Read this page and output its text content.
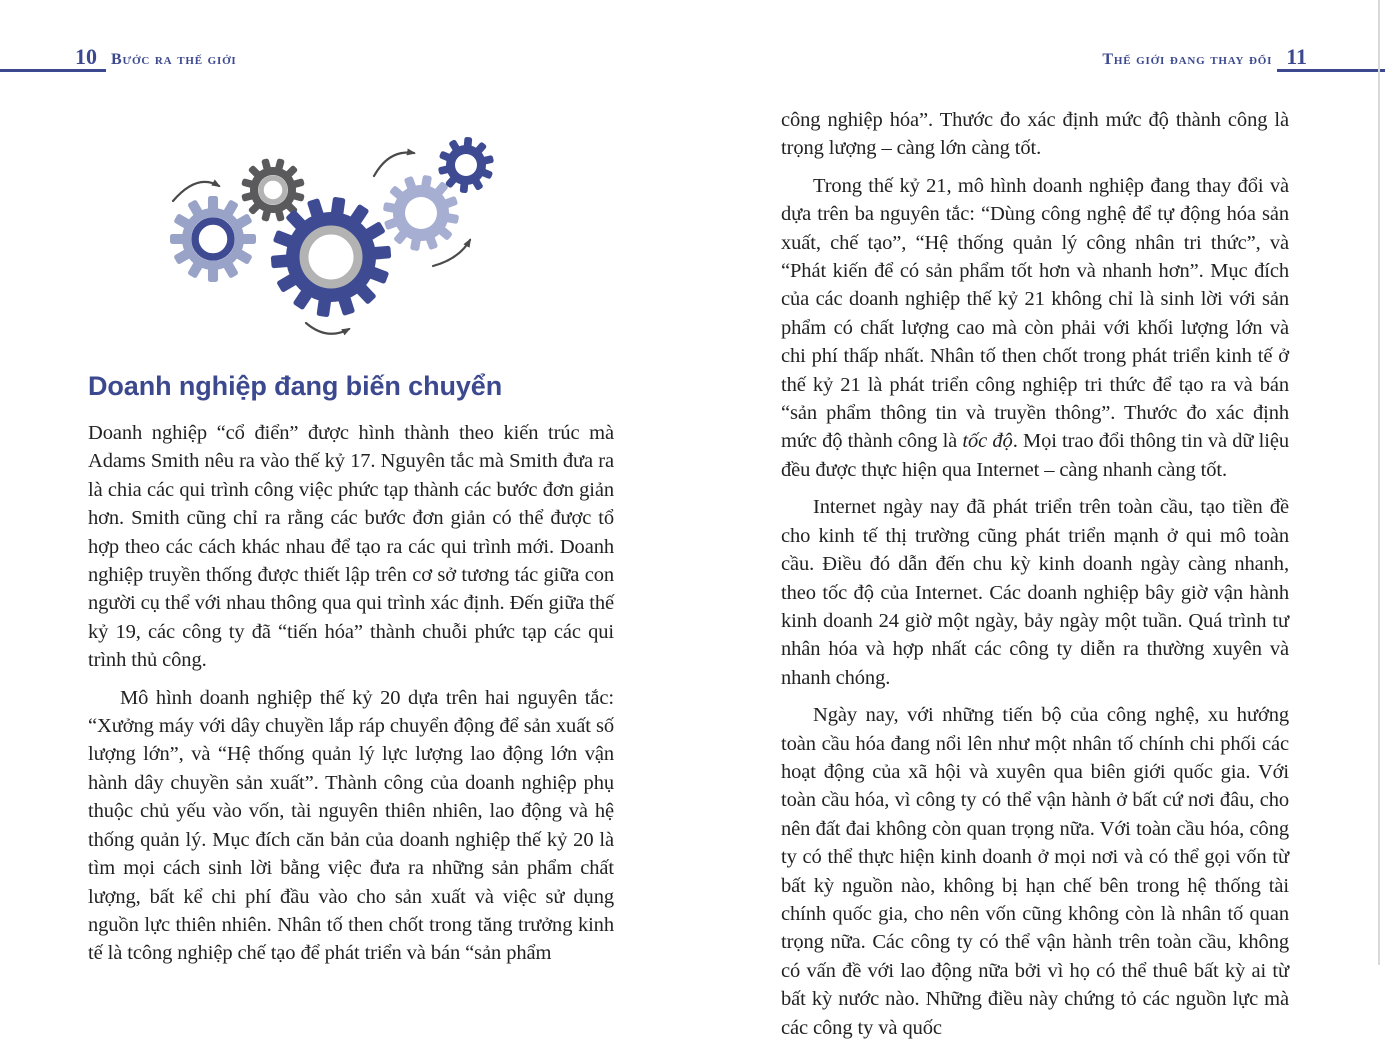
10 Bước ra thế giới	Thế giới đang thay đổi 11
Doanh nghiệp đang biến chuyển

Doanh nghiệp “cổ điển” được hình thành theo kiến trúc mà Adams Smith nêu ra vào thế kỷ 17. Nguyên tắc mà Smith đưa ra là chia các qui trình công việc phức tạp thành các bước đơn giản hơn. Smith cũng chỉ ra rằng các bước đơn giản có thể được tổ hợp theo các cách khác nhau để tạo ra các qui trình mới. Doanh nghiệp truyền thống được thiết lập trên cơ sở tương tác giữa con người cụ thể với nhau thông qua qui trình xác định. Đến giữa thế kỷ 19, các công ty đã “tiến hóa” thành chuỗi phức tạp các qui trình thủ công.

Mô hình doanh nghiệp thế kỷ 20 dựa trên hai nguyên tắc: “Xưởng máy với dây chuyền lắp ráp chuyển động để sản xuất số lượng lớn”, và “Hệ thống quản lý lực lượng lao động lớn vận hành dây chuyền sản xuất”. Thành công của doanh nghiệp phụ thuộc chủ yếu vào vốn, tài nguyên thiên nhiên, lao động và hệ thống quản lý. Mục đích căn bản của doanh nghiệp thế kỷ 20 là tìm mọi cách sinh lời bằng việc đưa ra những sản phẩm chất lượng, bất kể chi phí đầu vào cho sản xuất và việc sử dụng nguồn lực thiên nhiên. Nhân tố then chốt trong tăng trưởng kinh tế là tcông nghiệp chế tạo để phát triển và bán “sản phẩm

công nghiệp hóa”. Thước đo xác định mức độ thành công là trọng lượng – càng lớn càng tốt.

Trong thế kỷ 21, mô hình doanh nghiệp đang thay đổi và dựa trên ba nguyên tắc: “Dùng công nghệ để tự động hóa sản xuất, chế tạo”, “Hệ thống quản lý công nhân tri thức”, và “Phát kiến để có sản phẩm tốt hơn và nhanh hơn”. Mục đích của các doanh nghiệp thế kỷ 21 không chỉ là sinh lời với sản phẩm có chất lượng cao mà còn phải với khối lượng lớn và chi phí thấp nhất. Nhân tố then chốt trong phát triển kinh tế ở thế kỷ 21 là phát triển công nghiệp tri thức để tạo ra và bán “sản phẩm thông tin và truyền thông”. Thước đo xác định mức độ thành công là tốc độ. Mọi trao đổi thông tin và dữ liệu đều được thực hiện qua Internet – càng nhanh càng tốt.

Internet ngày nay đã phát triển trên toàn cầu, tạo tiền đề cho kinh tế thị trường cũng phát triển mạnh ở qui mô toàn cầu. Điều đó dẫn đến chu kỳ kinh doanh ngày càng nhanh, theo tốc độ của Internet. Các doanh nghiệp bây giờ vận hành kinh doanh 24 giờ một ngày, bảy ngày một tuần. Quá trình tư nhân hóa và hợp nhất các công ty diễn ra thường xuyên và nhanh chóng.

Ngày nay, với những tiến bộ của công nghệ, xu hướng toàn cầu hóa đang nổi lên như một nhân tố chính chi phối các hoạt động của xã hội và xuyên qua biên giới quốc gia. Với toàn cầu hóa, vì công ty có thể vận hành ở bất cứ nơi đâu, cho nên đất đai không còn quan trọng nữa. Với toàn cầu hóa, công ty có thể thực hiện kinh doanh ở mọi nơi và có thể gọi vốn từ bất kỳ nguồn nào, không bị hạn chế bên trong hệ thống tài chính quốc gia, cho nên vốn cũng không còn là nhân tố quan trọng nữa. Các công ty có thể vận hành trên toàn cầu, không có vấn đề với lao động nữa bởi vì họ có thể thuê bất kỳ ai từ bất kỳ nước nào. Những điều này chứng tỏ các nguồn lực mà các công ty và quốc
